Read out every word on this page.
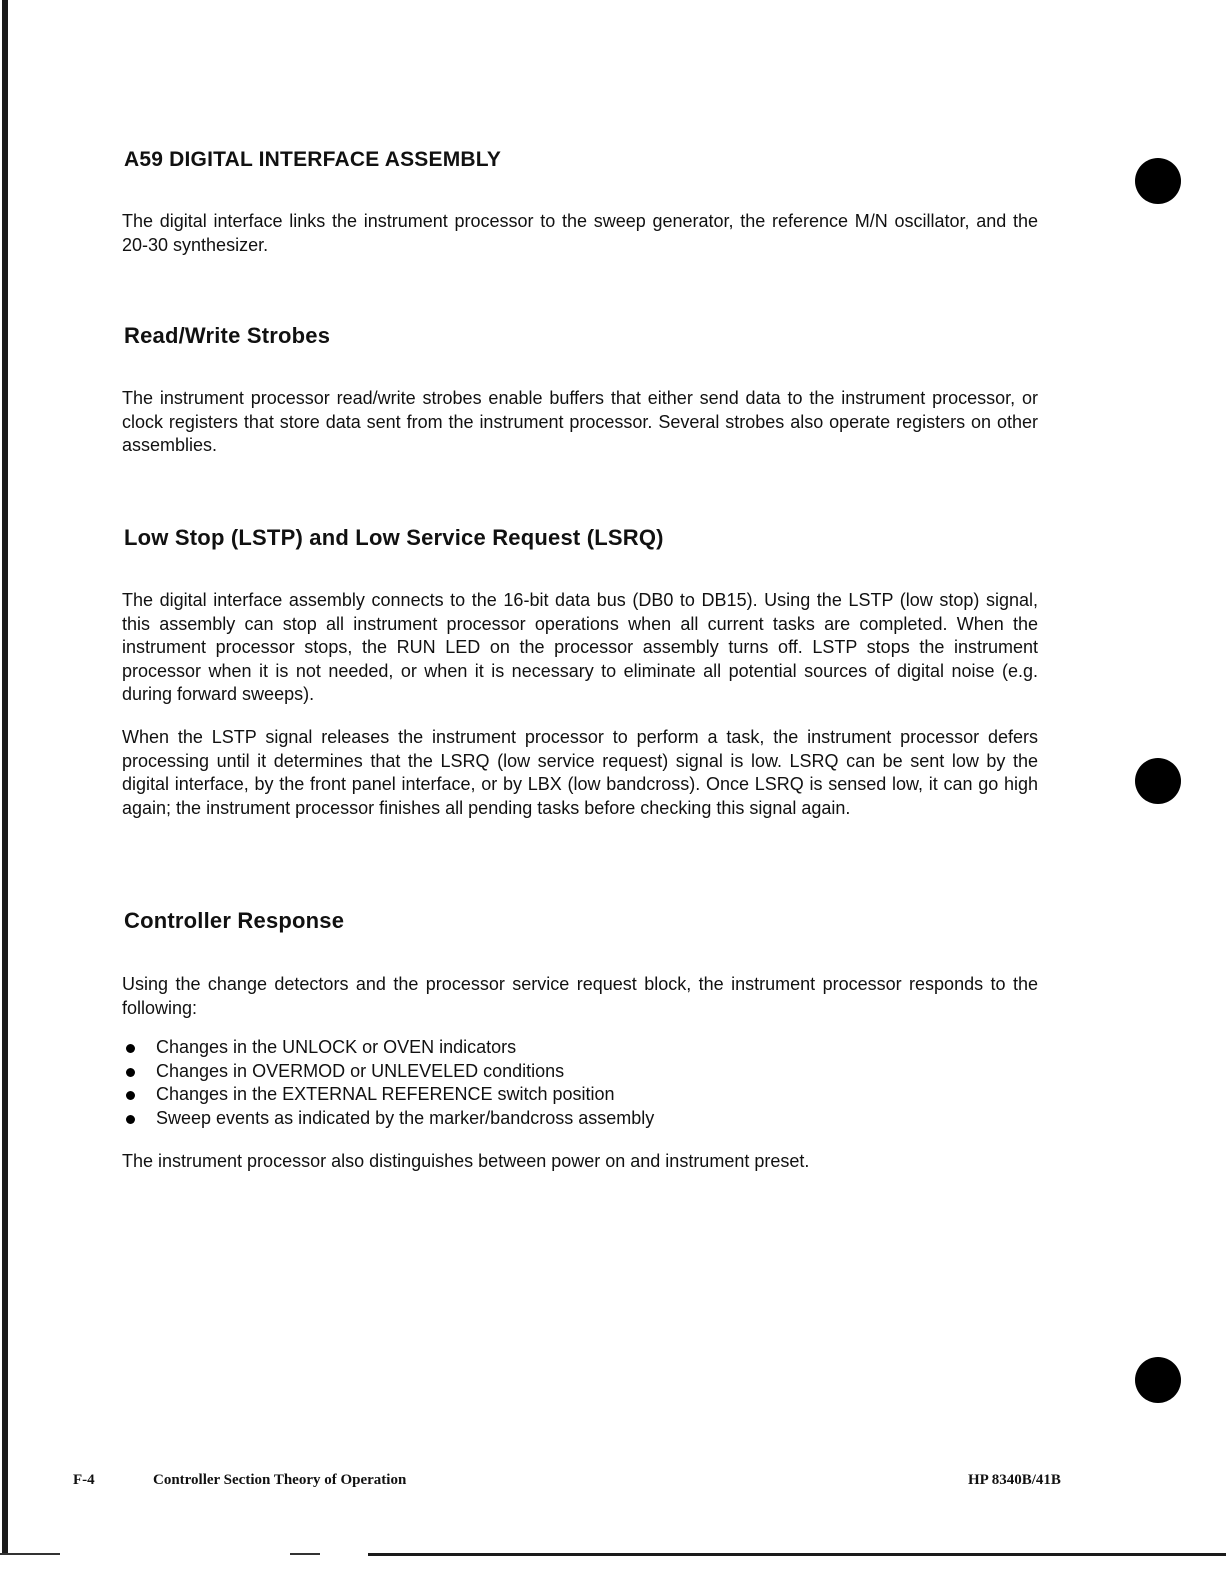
A59 DIGITAL INTERFACE ASSEMBLY

The digital interface links the instrument processor to the sweep generator, the reference M/N oscillator, and the 20-30 synthesizer.

Read/Write Strobes

The instrument processor read/write strobes enable buffers that either send data to the instrument processor, or clock registers that store data sent from the instrument processor. Several strobes also operate registers on other assemblies.

Low Stop (LSTP) and Low Service Request (LSRQ)

The digital interface assembly connects to the 16-bit data bus (DB0 to DB15). Using the LSTP (low stop) signal, this assembly can stop all instrument processor operations when all current tasks are completed. When the instrument processor stops, the RUN LED on the processor assembly turns off. LSTP stops the instrument processor when it is not needed, or when it is necessary to eliminate all potential sources of digital noise (e.g. during forward sweeps).

When the LSTP signal releases the instrument processor to perform a task, the instrument processor defers processing until it determines that the LSRQ (low service request) signal is low. LSRQ can be sent low by the digital interface, by the front panel interface, or by LBX (low bandcross). Once LSRQ is sensed low, it can go high again; the instrument processor finishes all pending tasks before checking this signal again.

Controller Response

Using the change detectors and the processor service request block, the instrument processor responds to the following:

Changes in the UNLOCK or OVEN indicators
Changes in OVERMOD or UNLEVELED conditions
Changes in the EXTERNAL REFERENCE switch position
Sweep events as indicated by the marker/bandcross assembly

The instrument processor also distinguishes between power on and instrument preset.

F-4	Controller Section Theory of Operation	HP 8340B/41B
